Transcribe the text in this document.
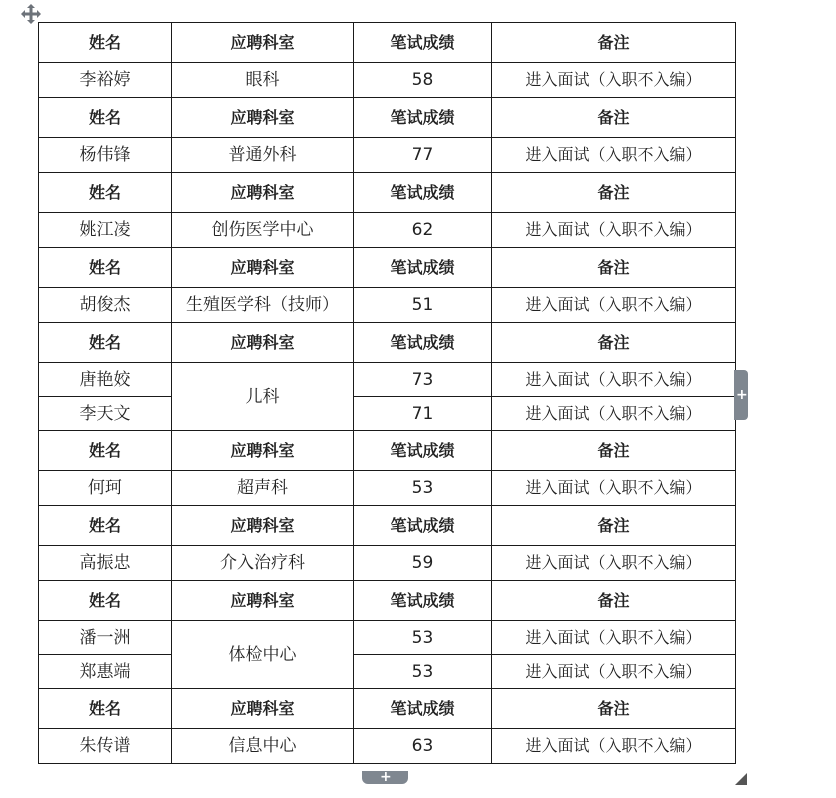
姓名	应聘科室	笔试成绩	备注
李裕婷	眼科	58	进入面试（入职不入编）
姓名	应聘科室	笔试成绩	备注
杨伟锋	普通外科	77	进入面试（入职不入编）
姓名	应聘科室	笔试成绩	备注
姚江凌	创伤医学中心	62	进入面试（入职不入编）
姓名	应聘科室	笔试成绩	备注
胡俊杰	生殖医学科（技师）	51	进入面试（入职不入编）
姓名	应聘科室	笔试成绩	备注
唐艳姣	儿科	73	进入面试（入职不入编）
李天文		71	进入面试（入职不入编）
姓名	应聘科室	笔试成绩	备注
何珂	超声科	53	进入面试（入职不入编）
姓名	应聘科室	笔试成绩	备注
高振忠	介入治疗科	59	进入面试（入职不入编）
姓名	应聘科室	笔试成绩	备注
潘一洲	体检中心	53	进入面试（入职不入编）
郑惠端		53	进入面试（入职不入编）
姓名	应聘科室	笔试成绩	备注
朱传谱	信息中心	63	进入面试（入职不入编）
+
+
